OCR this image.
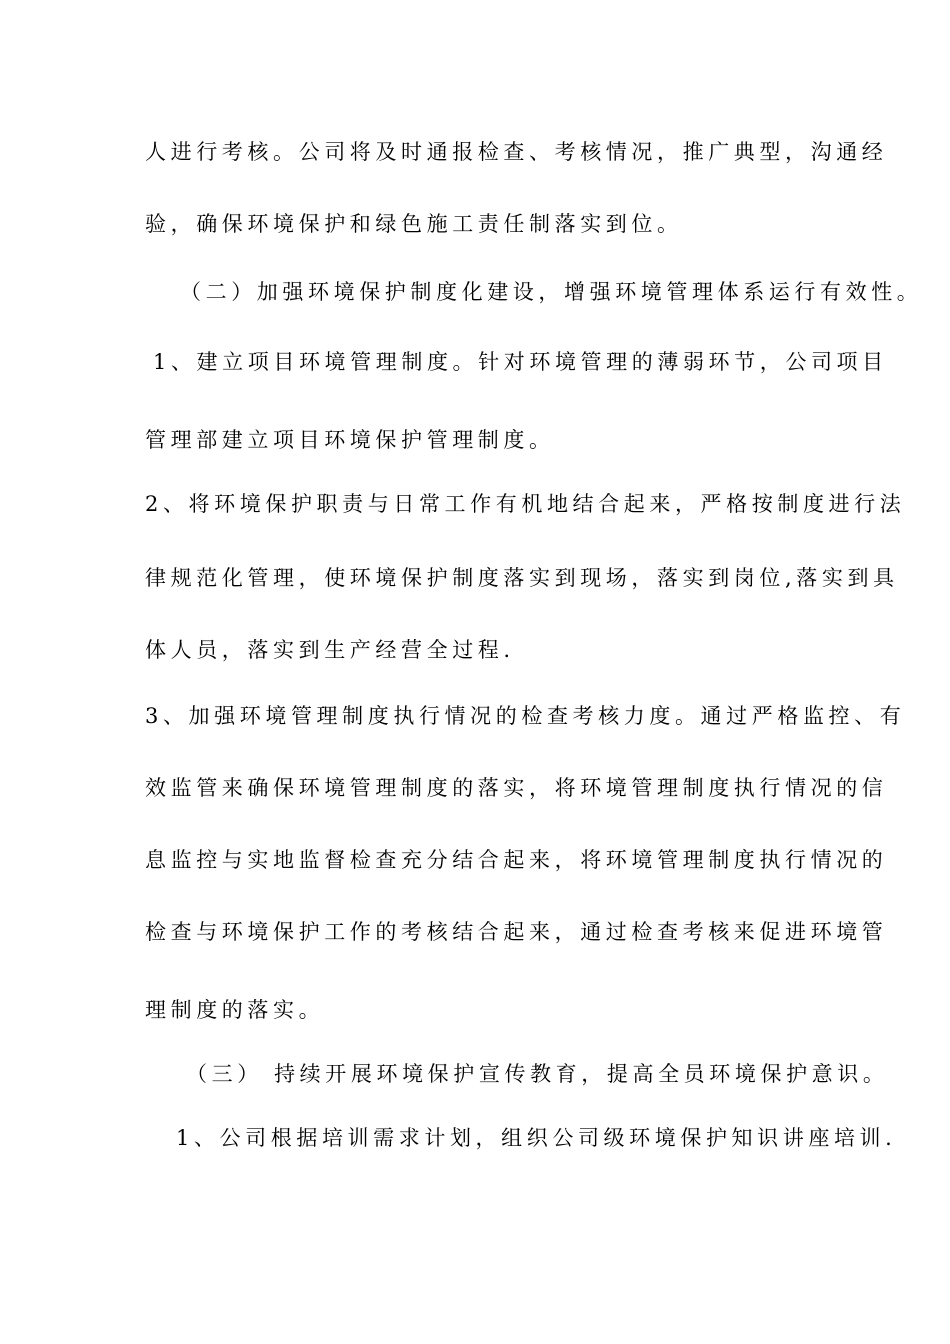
人进行考核。公司将及时通报检查、考核情况，推广典型，沟通经
验，确保环境保护和绿色施工责任制落实到位。
（二）加强环境保护制度化建设，增强环境管理体系运行有效性。
1、建立项目环境管理制度。针对环境管理的薄弱环节，公司项目
管理部建立项目环境保护管理制度。
2、将环境保护职责与日常工作有机地结合起来，严格按制度进行法
律规范化管理，使环境保护制度落实到现场，落实到岗位,落实到具
体人员，落实到生产经营全过程.
3、加强环境管理制度执行情况的检查考核力度。通过严格监控、有
效监管来确保环境管理制度的落实，将环境管理制度执行情况的信
息监控与实地监督检查充分结合起来，将环境管理制度执行情况的
检查与环境保护工作的考核结合起来，通过检查考核来促进环境管
理制度的落实。
（三） 持续开展环境保护宣传教育，提高全员环境保护意识。
1、公司根据培训需求计划，组织公司级环境保护知识讲座培训.
